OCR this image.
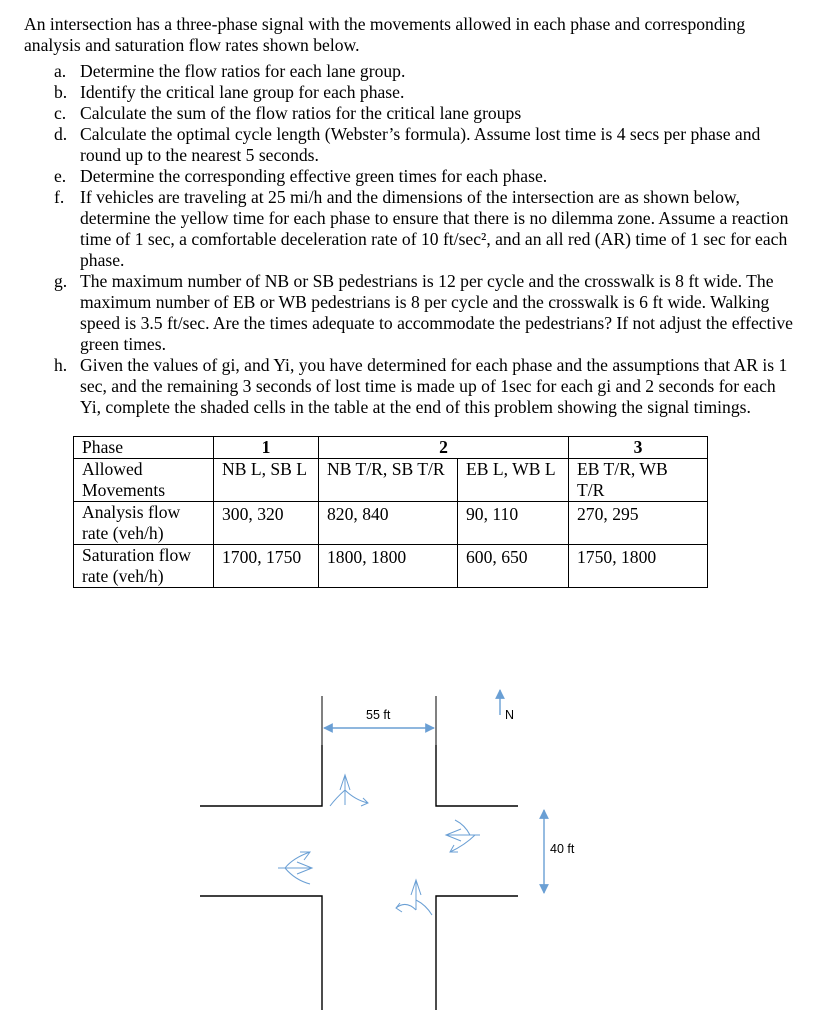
An intersection has a three-phase signal with the movements allowed in each phase and corresponding analysis and saturation flow rates shown below.
a. Determine the flow ratios for each lane group.
b. Identify the critical lane group for each phase.
c. Calculate the sum of the flow ratios for the critical lane groups
d. Calculate the optimal cycle length (Webster’s formula). Assume lost time is 4 secs per phase and round up to the nearest 5 seconds.
e. Determine the corresponding effective green times for each phase.
f. If vehicles are traveling at 25 mi/h and the dimensions of the intersection are as shown below, determine the yellow time for each phase to ensure that there is no dilemma zone. Assume a reaction time of 1 sec, a comfortable deceleration rate of 10 ft/sec², and an all red (AR) time of 1 sec for each phase.
g. The maximum number of NB or SB pedestrians is 12 per cycle and the crosswalk is 8 ft wide. The maximum number of EB or WB pedestrians is 8 per cycle and the crosswalk is 6 ft wide. Walking speed is 3.5 ft/sec. Are the times adequate to accommodate the pedestrians? If not adjust the effective green times.
h. Given the values of gi, and Yi, you have determined for each phase and the assumptions that AR is 1 sec, and the remaining 3 seconds of lost time is made up of 1sec for each gi and 2 seconds for each Yi, complete the shaded cells in the table at the end of this problem showing the signal timings.
Phase	1	2		3
Allowed Movements	NB L, SB L	NB T/R, SB T/R	EB L, WB L	EB T/R, WB T/R
Analysis flow rate (veh/h)	300, 320	820, 840	90, 110	270, 295
Saturation flow rate (veh/h)	1700, 1750	1800, 1800	600, 650	1750, 1800
55 ft
40 ft
N
